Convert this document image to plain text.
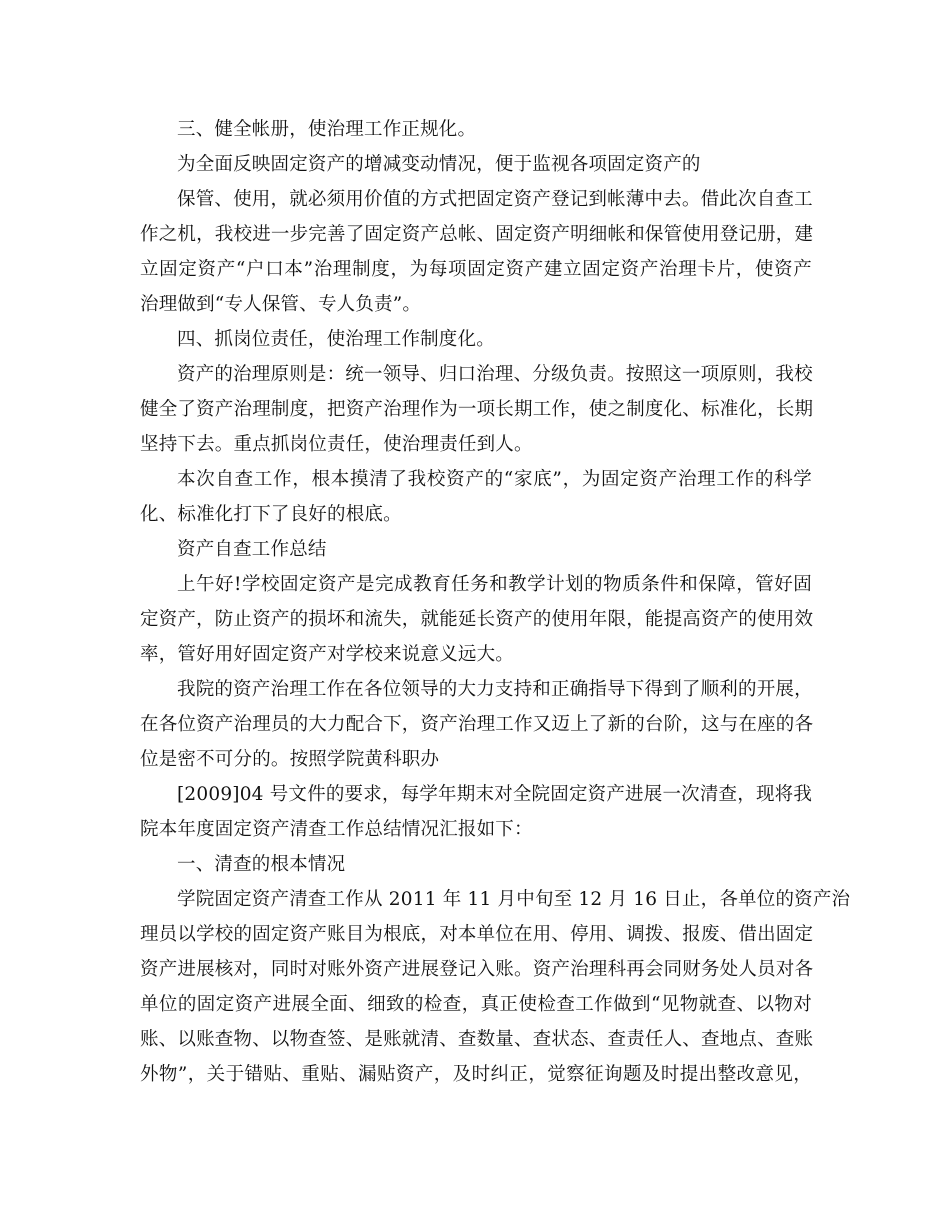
三、健全帐册，使治理工作正规化。
为全面反映固定资产的增减变动情况，便于监视各项固定资产的
保管、使用，就必须用价值的方式把固定资产登记到帐薄中去。借此次自查工
作之机，我校进一步完善了固定资产总帐、固定资产明细帐和保管使用登记册，建
立固定资产“户口本”治理制度，为每项固定资产建立固定资产治理卡片，使资产
治理做到“专人保管、专人负责”。
四、抓岗位责任，使治理工作制度化。
资产的治理原则是：统一领导、归口治理、分级负责。按照这一项原则，我校
健全了资产治理制度，把资产治理作为一项长期工作，使之制度化、标准化，长期
坚持下去。重点抓岗位责任，使治理责任到人。
本次自查工作，根本摸清了我校资产的“家底”，为固定资产治理工作的科学
化、标准化打下了良好的根底。
资产自查工作总结
上午好!学校固定资产是完成教育任务和教学计划的物质条件和保障，管好固
定资产，防止资产的损坏和流失，就能延长资产的使用年限，能提高资产的使用效
率，管好用好固定资产对学校来说意义远大。
我院的资产治理工作在各位领导的大力支持和正确指导下得到了顺利的开展，
在各位资产治理员的大力配合下，资产治理工作又迈上了新的台阶，这与在座的各
位是密不可分的。按照学院黄科职办
[2009]04 号文件的要求，每学年期末对全院固定资产进展一次清查，现将我
院本年度固定资产清查工作总结情况汇报如下：
一、清查的根本情况
学院固定资产清查工作从 2011 年 11 月中旬至 12 月 16 日止，各单位的资产治
理员以学校的固定资产账目为根底，对本单位在用、停用、调拨、报废、借出固定
资产进展核对，同时对账外资产进展登记入账。资产治理科再会同财务处人员对各
单位的固定资产进展全面、细致的检查，真正使检查工作做到“见物就查、以物对
账、以账查物、以物查签、是账就清、查数量、查状态、查责任人、查地点、查账
外物”，关于错贴、重贴、漏贴资产，及时纠正，觉察征询题及时提出整改意见，
